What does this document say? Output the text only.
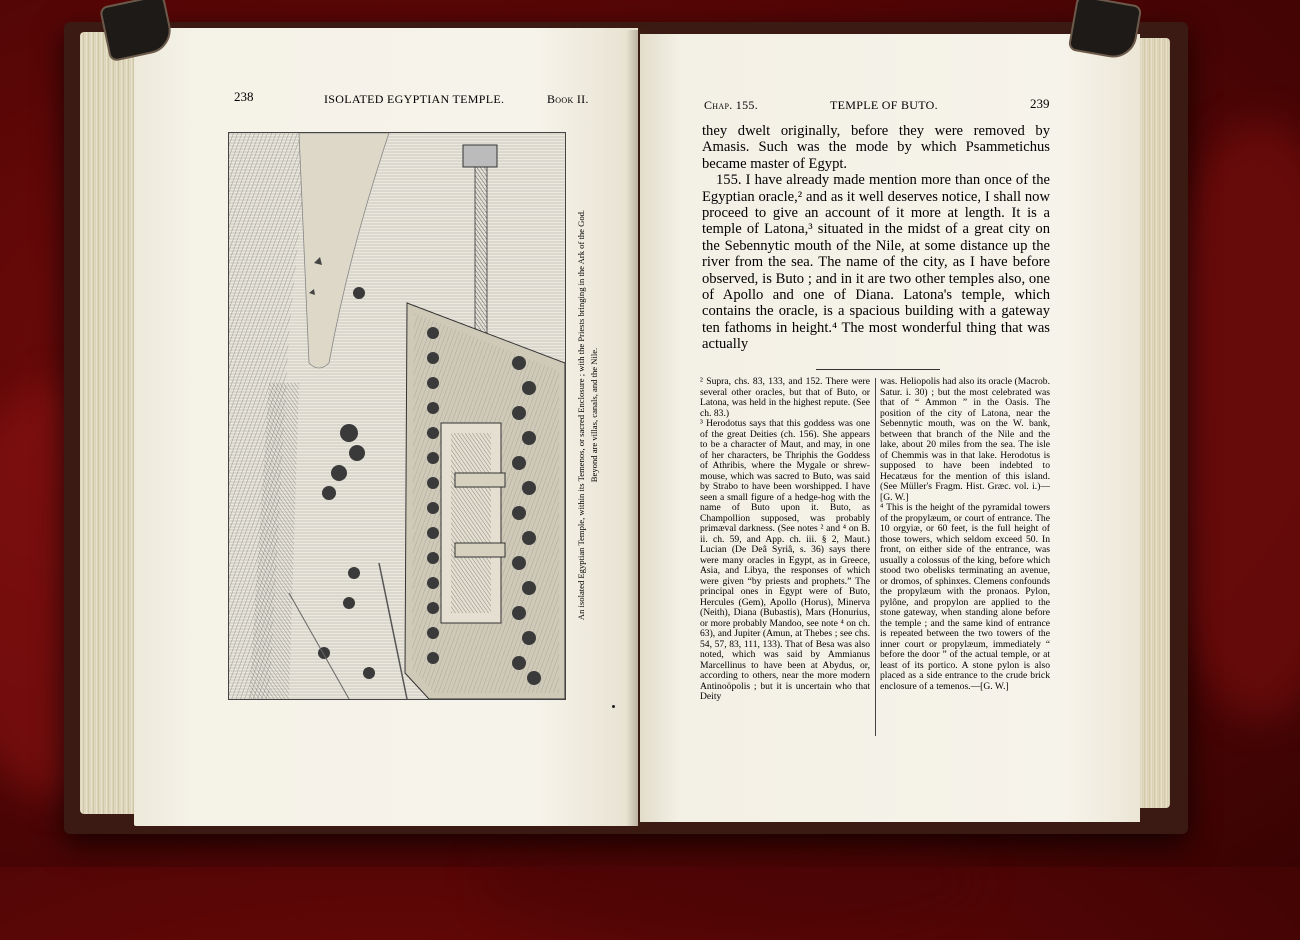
238	ISOLATED EGYPTIAN TEMPLE.	Book II.
An isolated Egyptian Temple, within its Temenos, or sacred Enclosure ; with the Priests bringing in the Ark of the God. Beyond are villas, canals, and the Nile.
Chap. 155.	TEMPLE OF BUTO.	239

they dwelt originally, before they were removed by Amasis. Such was the mode by which Psammetichus became master of Egypt.

155. I have already made mention more than once of the Egyptian oracle,² and as it well deserves notice, I shall now proceed to give an account of it more at length. It is a temple of Latona,³ situated in the midst of a great city on the Sebennytic mouth of the Nile, at some distance up the river from the sea. The name of the city, as I have before observed, is Buto ; and in it are two other temples also, one of Apollo and one of Diana. Latona's temple, which contains the oracle, is a spacious building with a gateway ten fathoms in height.⁴ The most wonderful thing that was actually

² Supra, chs. 83, 133, and 152. There were several other oracles, but that of Buto, or Latona, was held in the highest repute. (See ch. 83.)

³ Herodotus says that this goddess was one of the great Deities (ch. 156). She appears to be a character of Maut, and may, in one of her characters, be Thriphis the Goddess of Athribis, where the Mygale or shrew-mouse, which was sacred to Buto, was said by Strabo to have been worshipped. I have seen a small figure of a hedge-hog with the name of Buto upon it. Buto, as Champollion supposed, was probably primæval darkness. (See notes ² and ⁴ on B. ii. ch. 59, and App. ch. iii. § 2, Maut.) Lucian (De Deâ Syriâ, s. 36) says there were many oracles in Egypt, as in Greece, Asia, and Libya, the responses of which were given “by priests and prophets.” The principal ones in Egypt were of Buto, Hercules (Gem), Apollo (Horus), Minerva (Neith), Diana (Bubastis), Mars (Honurius, or more probably Mandoo, see note ⁴ on ch. 63), and Jupiter (Amun, at Thebes ; see chs. 54, 57, 83, 111, 133). That of Besa was also noted, which was said by Ammianus Marcellinus to have been at Abydus, or, according to others, near the more modern Antinoöpolis ; but it is uncertain who that Deity

was. Heliopolis had also its oracle (Macrob. Satur. i. 30) ; but the most celebrated was that of “ Ammon ” in the Oasis. The position of the city of Latona, near the Sebennytic mouth, was on the W. bank, between that branch of the Nile and the lake, about 20 miles from the sea. The isle of Chemmis was in that lake. Herodotus is supposed to have been indebted to Hecatæus for the mention of this island. (See Müller's Fragm. Hist. Græc. vol. i.)—[G. W.]

⁴ This is the height of the pyramidal towers of the propylæum, or court of entrance. The 10 orgyiæ, or 60 feet, is the full height of those towers, which seldom exceed 50. In front, on either side of the entrance, was usually a colossus of the king, before which stood two obelisks terminating an avenue, or dromos, of sphinxes. Clemens confounds the propylæum with the pronaos. Pylon, pylône, and propylon are applied to the stone gateway, when standing alone before the temple ; and the same kind of entrance is repeated between the two towers of the inner court or propylæum, immediately “ before the door ” of the actual temple, or at least of its portico. A stone pylon is also placed as a side entrance to the crude brick enclosure of a temenos.—[G. W.]
